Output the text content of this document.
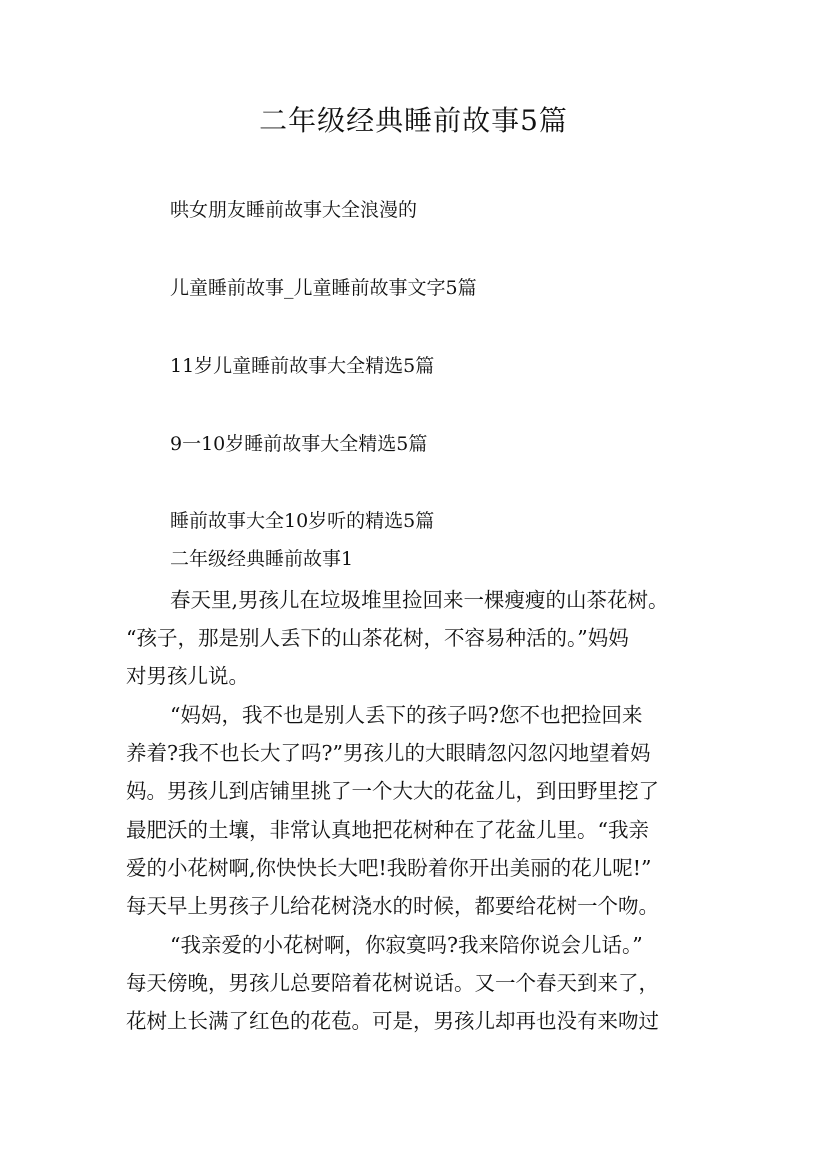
二年级经典睡前故事5篇
哄女朋友睡前故事大全浪漫的
儿童睡前故事_儿童睡前故事文字5篇
11岁儿童睡前故事大全精选5篇
9一10岁睡前故事大全精选5篇
睡前故事大全10岁听的精选5篇
二年级经典睡前故事1
春天里,男孩儿在垃圾堆里捡回来一棵瘦瘦的山茶花树。
“孩子，那是别人丢下的山茶花树，不容易种活的。”妈妈
对男孩儿说。
“妈妈，我不也是别人丢下的孩子吗?您不也把捡回来
养着?我不也长大了吗?”男孩儿的大眼睛忽闪忽闪地望着妈
妈。男孩儿到店铺里挑了一个大大的花盆儿，到田野里挖了
最肥沃的土壤，非常认真地把花树种在了花盆儿里。“我亲
爱的小花树啊,你快快长大吧!我盼着你开出美丽的花儿呢!”
每天早上男孩子儿给花树浇水的时候，都要给花树一个吻。
“我亲爱的小花树啊，你寂寞吗?我来陪你说会儿话。”
每天傍晚，男孩儿总要陪着花树说话。又一个春天到来了，
花树上长满了红色的花苞。可是，男孩儿却再也没有来吻过
